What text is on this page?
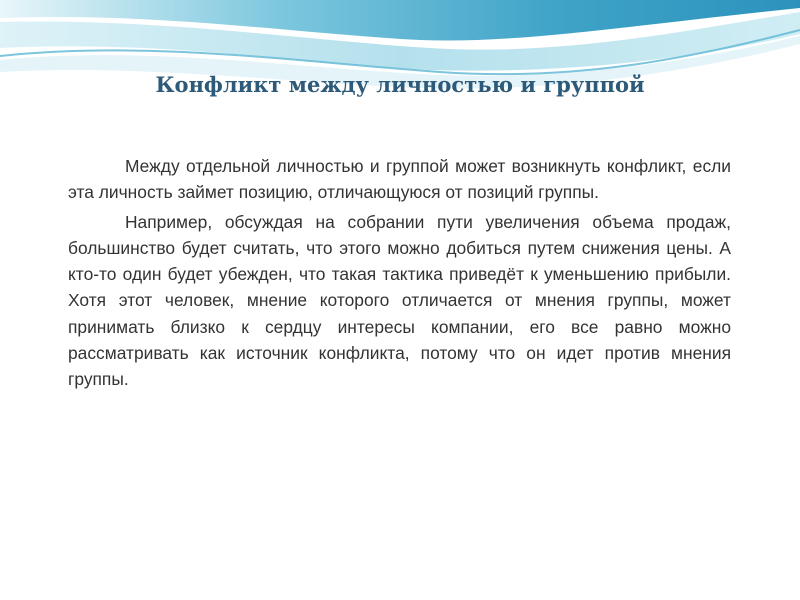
Конфликт между личностью и группой

Между отдельной личностью и группой может возникнуть конфликт, если эта личность займет позицию, отличающуюся от позиций группы.

Например, обсуждая на собрании пути увеличения объема продаж, большинство будет считать, что этого можно добиться путем снижения цены. А кто-то один будет убежден, что такая тактика приведёт к уменьшению прибыли. Хотя этот человек, мнение которого отличается от мнения группы, может принимать близко к сердцу интересы компании, его все равно можно рассматривать как источник конфликта, потому что он идет против мнения группы.
